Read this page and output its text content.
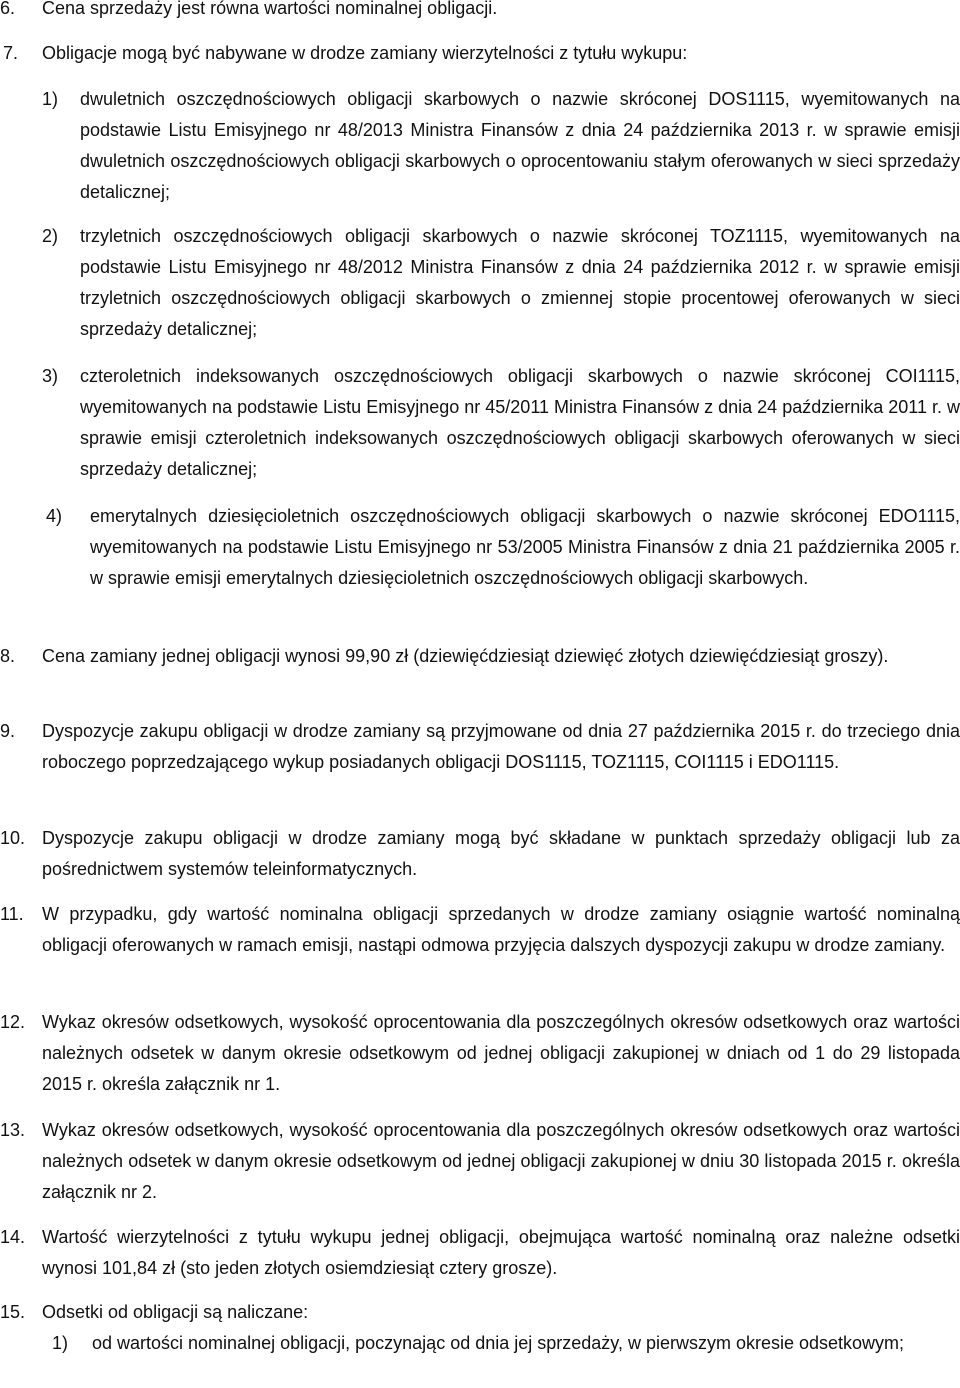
6. Cena sprzedaży jest równa wartości nominalnej obligacji.
7. Obligacje mogą być nabywane w drodze zamiany wierzytelności z tytułu wykupu:
1) dwuletnich oszczędnościowych obligacji skarbowych o nazwie skróconej DOS1115, wyemitowanych na podstawie Listu Emisyjnego nr 48/2013 Ministra Finansów z dnia 24 października 2013 r. w sprawie emisji dwuletnich oszczędnościowych obligacji skarbowych o oprocentowaniu stałym oferowanych w sieci sprzedaży detalicznej;
2) trzyletnich oszczędnościowych obligacji skarbowych o nazwie skróconej TOZ1115, wyemitowanych na podstawie Listu Emisyjnego nr 48/2012 Ministra Finansów z dnia 24 października 2012 r. w sprawie emisji trzyletnich oszczędnościowych obligacji skarbowych o zmiennej stopie procentowej oferowanych w sieci sprzedaży detalicznej;
3) czteroletnich indeksowanych oszczędnościowych obligacji skarbowych o nazwie skróconej COI1115, wyemitowanych na podstawie Listu Emisyjnego nr 45/2011 Ministra Finansów z dnia 24 października 2011 r. w sprawie emisji czteroletnich indeksowanych oszczędnościowych obligacji skarbowych oferowanych w sieci sprzedaży detalicznej;
4) emerytalnych dziesięcioletnich oszczędnościowych obligacji skarbowych o nazwie skróconej EDO1115, wyemitowanych na podstawie Listu Emisyjnego nr 53/2005 Ministra Finansów z dnia 21 października 2005 r. w sprawie emisji emerytalnych dziesięcioletnich oszczędnościowych obligacji skarbowych.
8. Cena zamiany jednej obligacji wynosi 99,90 zł (dziewięćdziesiąt dziewięć złotych dziewięćdziesiąt groszy).
9. Dyspozycje zakupu obligacji w drodze zamiany są przyjmowane od dnia 27 października 2015 r. do trzeciego dnia roboczego poprzedzającego wykup posiadanych obligacji DOS1115, TOZ1115, COI1115 i EDO1115.
10. Dyspozycje zakupu obligacji w drodze zamiany mogą być składane w punktach sprzedaży obligacji lub za pośrednictwem systemów teleinformatycznych.
11. W przypadku, gdy wartość nominalna obligacji sprzedanych w drodze zamiany osiągnie wartość nominalną obligacji oferowanych w ramach emisji, nastąpi odmowa przyjęcia dalszych dyspozycji zakupu w drodze zamiany.
12. Wykaz okresów odsetkowych, wysokość oprocentowania dla poszczególnych okresów odsetkowych oraz wartości należnych odsetek w danym okresie odsetkowym od jednej obligacji zakupionej w dniach od 1 do 29 listopada 2015 r. określa załącznik nr 1.
13. Wykaz okresów odsetkowych, wysokość oprocentowania dla poszczególnych okresów odsetkowych oraz wartości należnych odsetek w danym okresie odsetkowym od jednej obligacji zakupionej w dniu 30 listopada 2015 r. określa załącznik nr 2.
14. Wartość wierzytelności z tytułu wykupu jednej obligacji, obejmująca wartość nominalną oraz należne odsetki wynosi 101,84 zł (sto jeden złotych osiemdziesiąt cztery grosze).
15. Odsetki od obligacji są naliczane:
1) od wartości nominalnej obligacji, poczynając od dnia jej sprzedaży, w pierwszym okresie odsetkowym;
